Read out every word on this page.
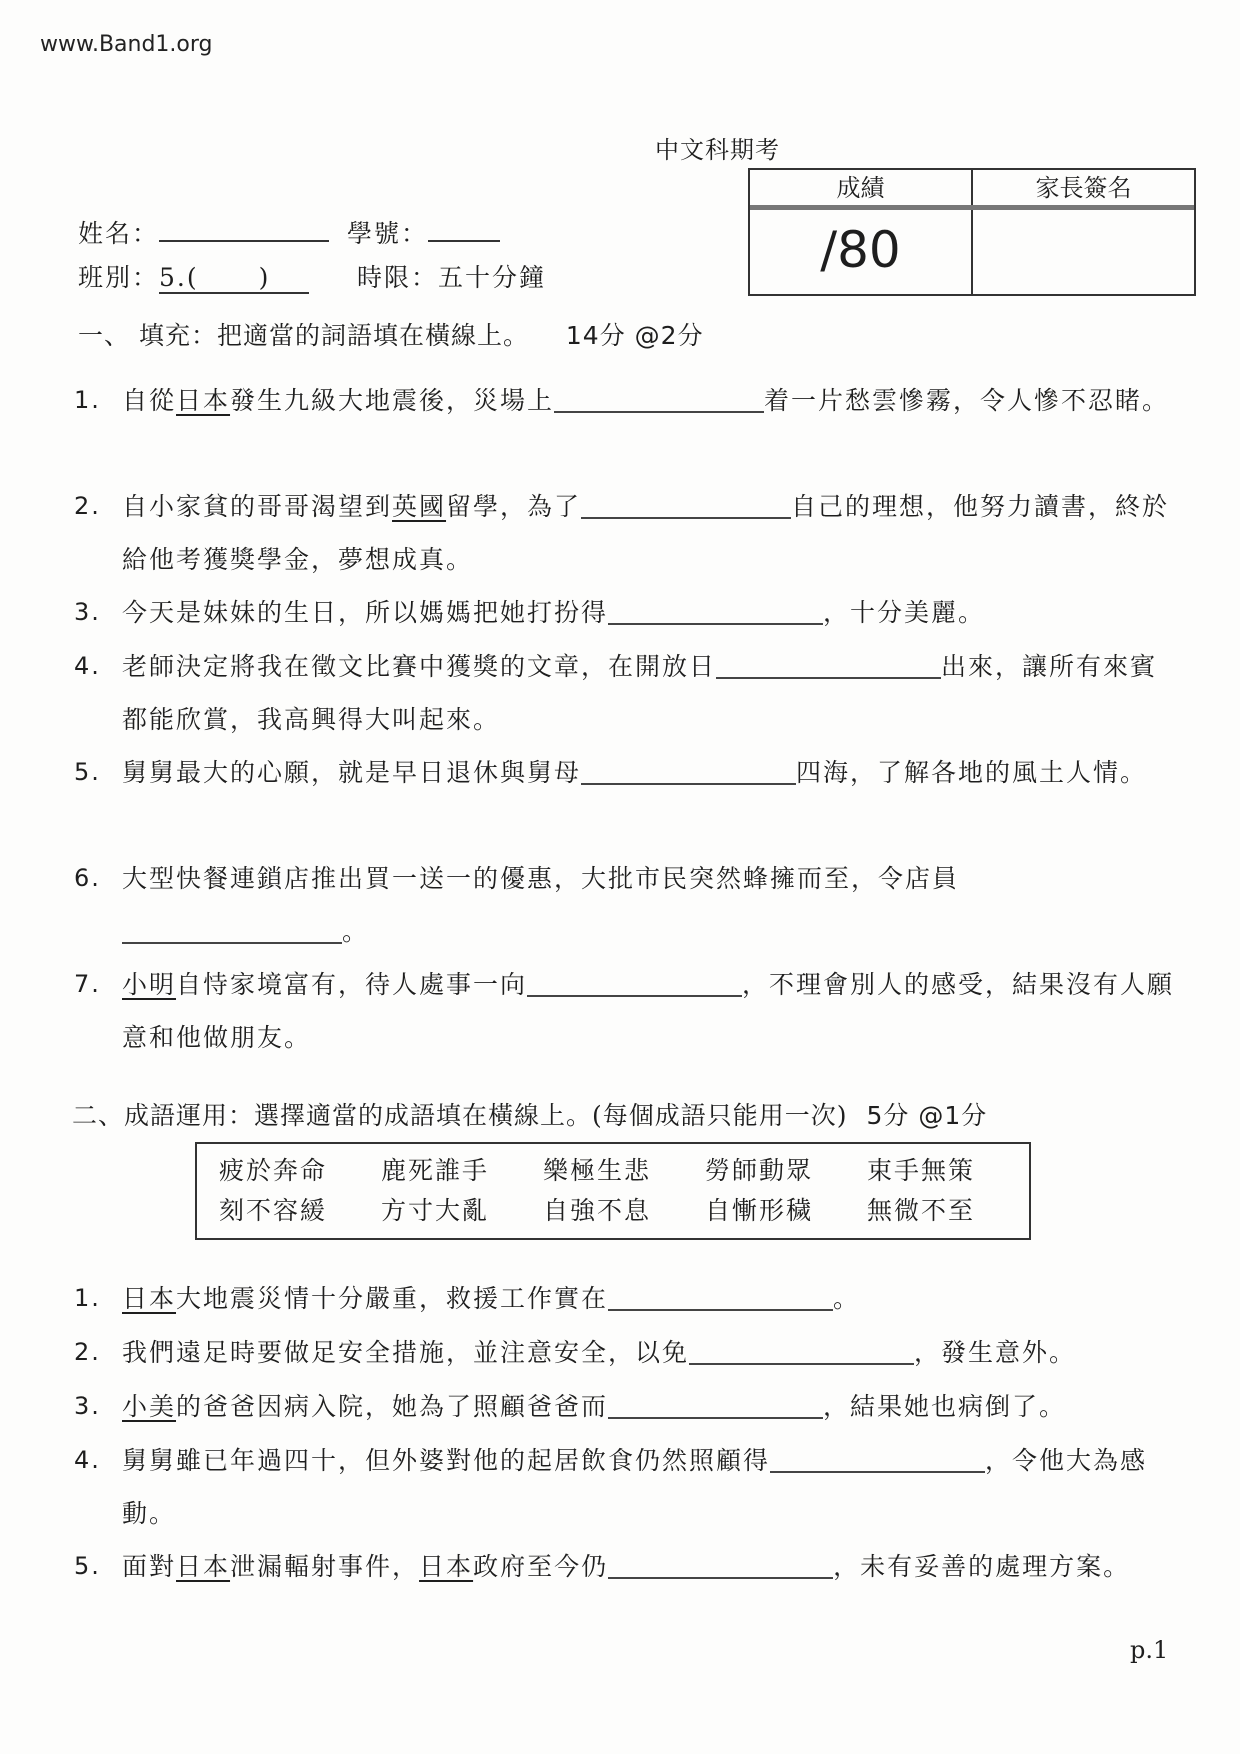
www.Band1.org
中文科期考
成績	家長簽名
/80
姓名：	學號：
班別：5.( )	時限：五十分鐘
一、 填充：把適當的詞語填在橫線上。 14分 @2分
1. 自從日本發生九級大地震後，災場上	着一片愁雲慘霧，令人慘不忍睹。
2. 自小家貧的哥哥渴望到英國留學，為了	自己的理想，他努力讀書，終於給他考獲獎學金，夢想成真。
3. 今天是妹妹的生日，所以媽媽把她打扮得	，十分美麗。
4. 老師決定將我在徵文比賽中獲獎的文章，在開放日	出來，讓所有來賓都能欣賞，我高興得大叫起來。
5. 舅舅最大的心願，就是早日退休與舅母	四海，了解各地的風土人情。
6. 大型快餐連鎖店推出買一送一的優惠，大批市民突然蜂擁而至，令店員
。
7. 小明自恃家境富有，待人處事一向	，不理會別人的感受，結果沒有人願意和他做朋友。
二、成語運用：選擇適當的成語填在橫線上。(每個成語只能用一次) 5分 @1分
疲於奔命	鹿死誰手	樂極生悲	勞師動眾	束手無策
刻不容緩	方寸大亂	自強不息	自慚形穢	無微不至
1. 日本大地震災情十分嚴重，救援工作實在	。
2. 我們遠足時要做足安全措施，並注意安全，以免	，發生意外。
3. 小美的爸爸因病入院，她為了照顧爸爸而	，結果她也病倒了。
4. 舅舅雖已年過四十，但外婆對他的起居飲食仍然照顧得	，令他大為感動。
5. 面對日本泄漏輻射事件，日本政府至今仍	，未有妥善的處理方案。
p.1
